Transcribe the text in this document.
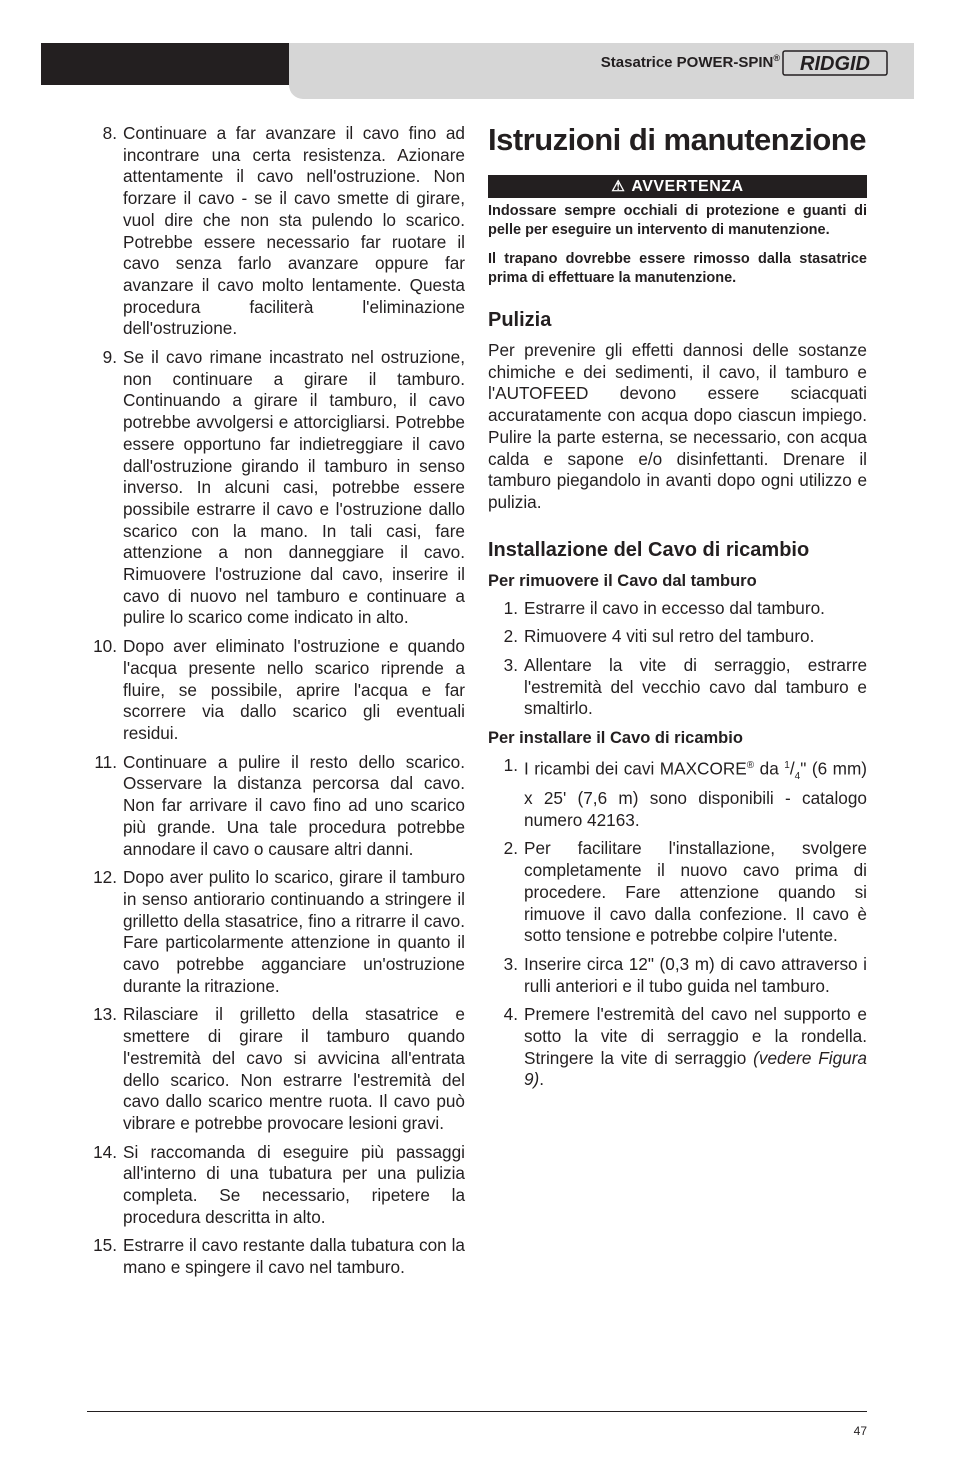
Stasatrice POWER-SPIN® RIDGID
8. Continuare a far avanzare il cavo fino ad incontrare una certa resistenza. Azionare attentamente il cavo nell'ostruzione. Non forzare il cavo - se il cavo smette di girare, vuol dire che non sta pulendo lo scarico. Potrebbe essere necessario far ruotare il cavo senza farlo avanzare oppure far avanzare il cavo molto lentamente. Questa procedura faciliterà l'eliminazione dell'ostruzione.
9. Se il cavo rimane incastrato nel ostruzione, non continuare a girare il tamburo. Continuando a girare il tamburo, il cavo potrebbe avvolgersi e attorcigliarsi. Potrebbe essere opportuno far indietreggiare il cavo dall'ostruzione girando il tamburo in senso inverso. In alcuni casi, potrebbe essere possibile estrarre il cavo e l'ostruzione dallo scarico con la mano. In tali casi, fare attenzione a non danneggiare il cavo. Rimuovere l'ostruzione dal cavo, inserire il cavo di nuovo nel tamburo e continuare a pulire lo scarico come indicato in alto.
10. Dopo aver eliminato l'ostruzione e quando l'acqua presente nello scarico riprende a fluire, se possibile, aprire l'acqua e far scorrere via dallo scarico gli eventuali residui.
11. Continuare a pulire il resto dello scarico. Osservare la distanza percorsa dal cavo. Non far arrivare il cavo fino ad uno scarico più grande. Una tale procedura potrebbe annodare il cavo o causare altri danni.
12. Dopo aver pulito lo scarico, girare il tamburo in senso antiorario continuando a stringere il grilletto della stasatrice, fino a ritrarre il cavo. Fare particolarmente attenzione in quanto il cavo potrebbe agganciare un'ostruzione durante la ritrazione.
13. Rilasciare il grilletto della stasatrice e smettere di girare il tamburo quando l'estremità del cavo si avvicina all'entrata dello scarico. Non estrarre l'estremità del cavo dallo scarico mentre ruota. Il cavo può vibrare e potrebbe provocare lesioni gravi.
14. Si raccomanda di eseguire più passaggi all'interno di una tubatura per una pulizia completa. Se necessario, ripetere la procedura descritta in alto.
15. Estrarre il cavo restante dalla tubatura con la mano e spingere il cavo nel tamburo.
Istruzioni di manutenzione
⚠ AVVERTENZA

Indossare sempre occhiali di protezione e guanti di pelle per eseguire un intervento di manutenzione.

Il trapano dovrebbe essere rimosso dalla stasatrice prima di effettuare la manutenzione.

Pulizia

Per prevenire gli effetti dannosi delle sostanze chimiche e dei sedimenti, il cavo, il tamburo e l'AUTOFEED devono essere sciacquati accuratamente con acqua dopo ciascun impiego. Pulire la parte esterna, se necessario, con acqua calda e sapone e/o disinfettanti. Drenare il tamburo piegandolo in avanti dopo ogni utilizzo e pulizia.

Installazione del Cavo di ricambio
Per rimuovere il Cavo dal tamburo
1. Estrarre il cavo in eccesso dal tamburo.
2. Rimuovere 4 viti sul retro del tamburo.
3. Allentare la vite di serraggio, estrarre l'estremità del vecchio cavo dal tamburo e smaltirlo.
Per installare il Cavo di ricambio
1. I ricambi dei cavi MAXCORE® da $^1/_4$" (6 mm) x 25' (7,6 m) sono disponibili - catalogo numero 42163.
2. Per facilitare l'installazione, svolgere completamente il nuovo cavo prima di procedere. Fare attenzione quando si rimuove il cavo dalla confezione. Il cavo è sotto tensione e potrebbe colpire l'utente.
3. Inserire circa 12" (0,3 m) di cavo attraverso i rulli anteriori e il tubo guida nel tamburo.
4. Premere l'estremità del cavo nel supporto e sotto la vite di serraggio e la rondella. Stringere la vite di serraggio (vedere Figura 9).
47
